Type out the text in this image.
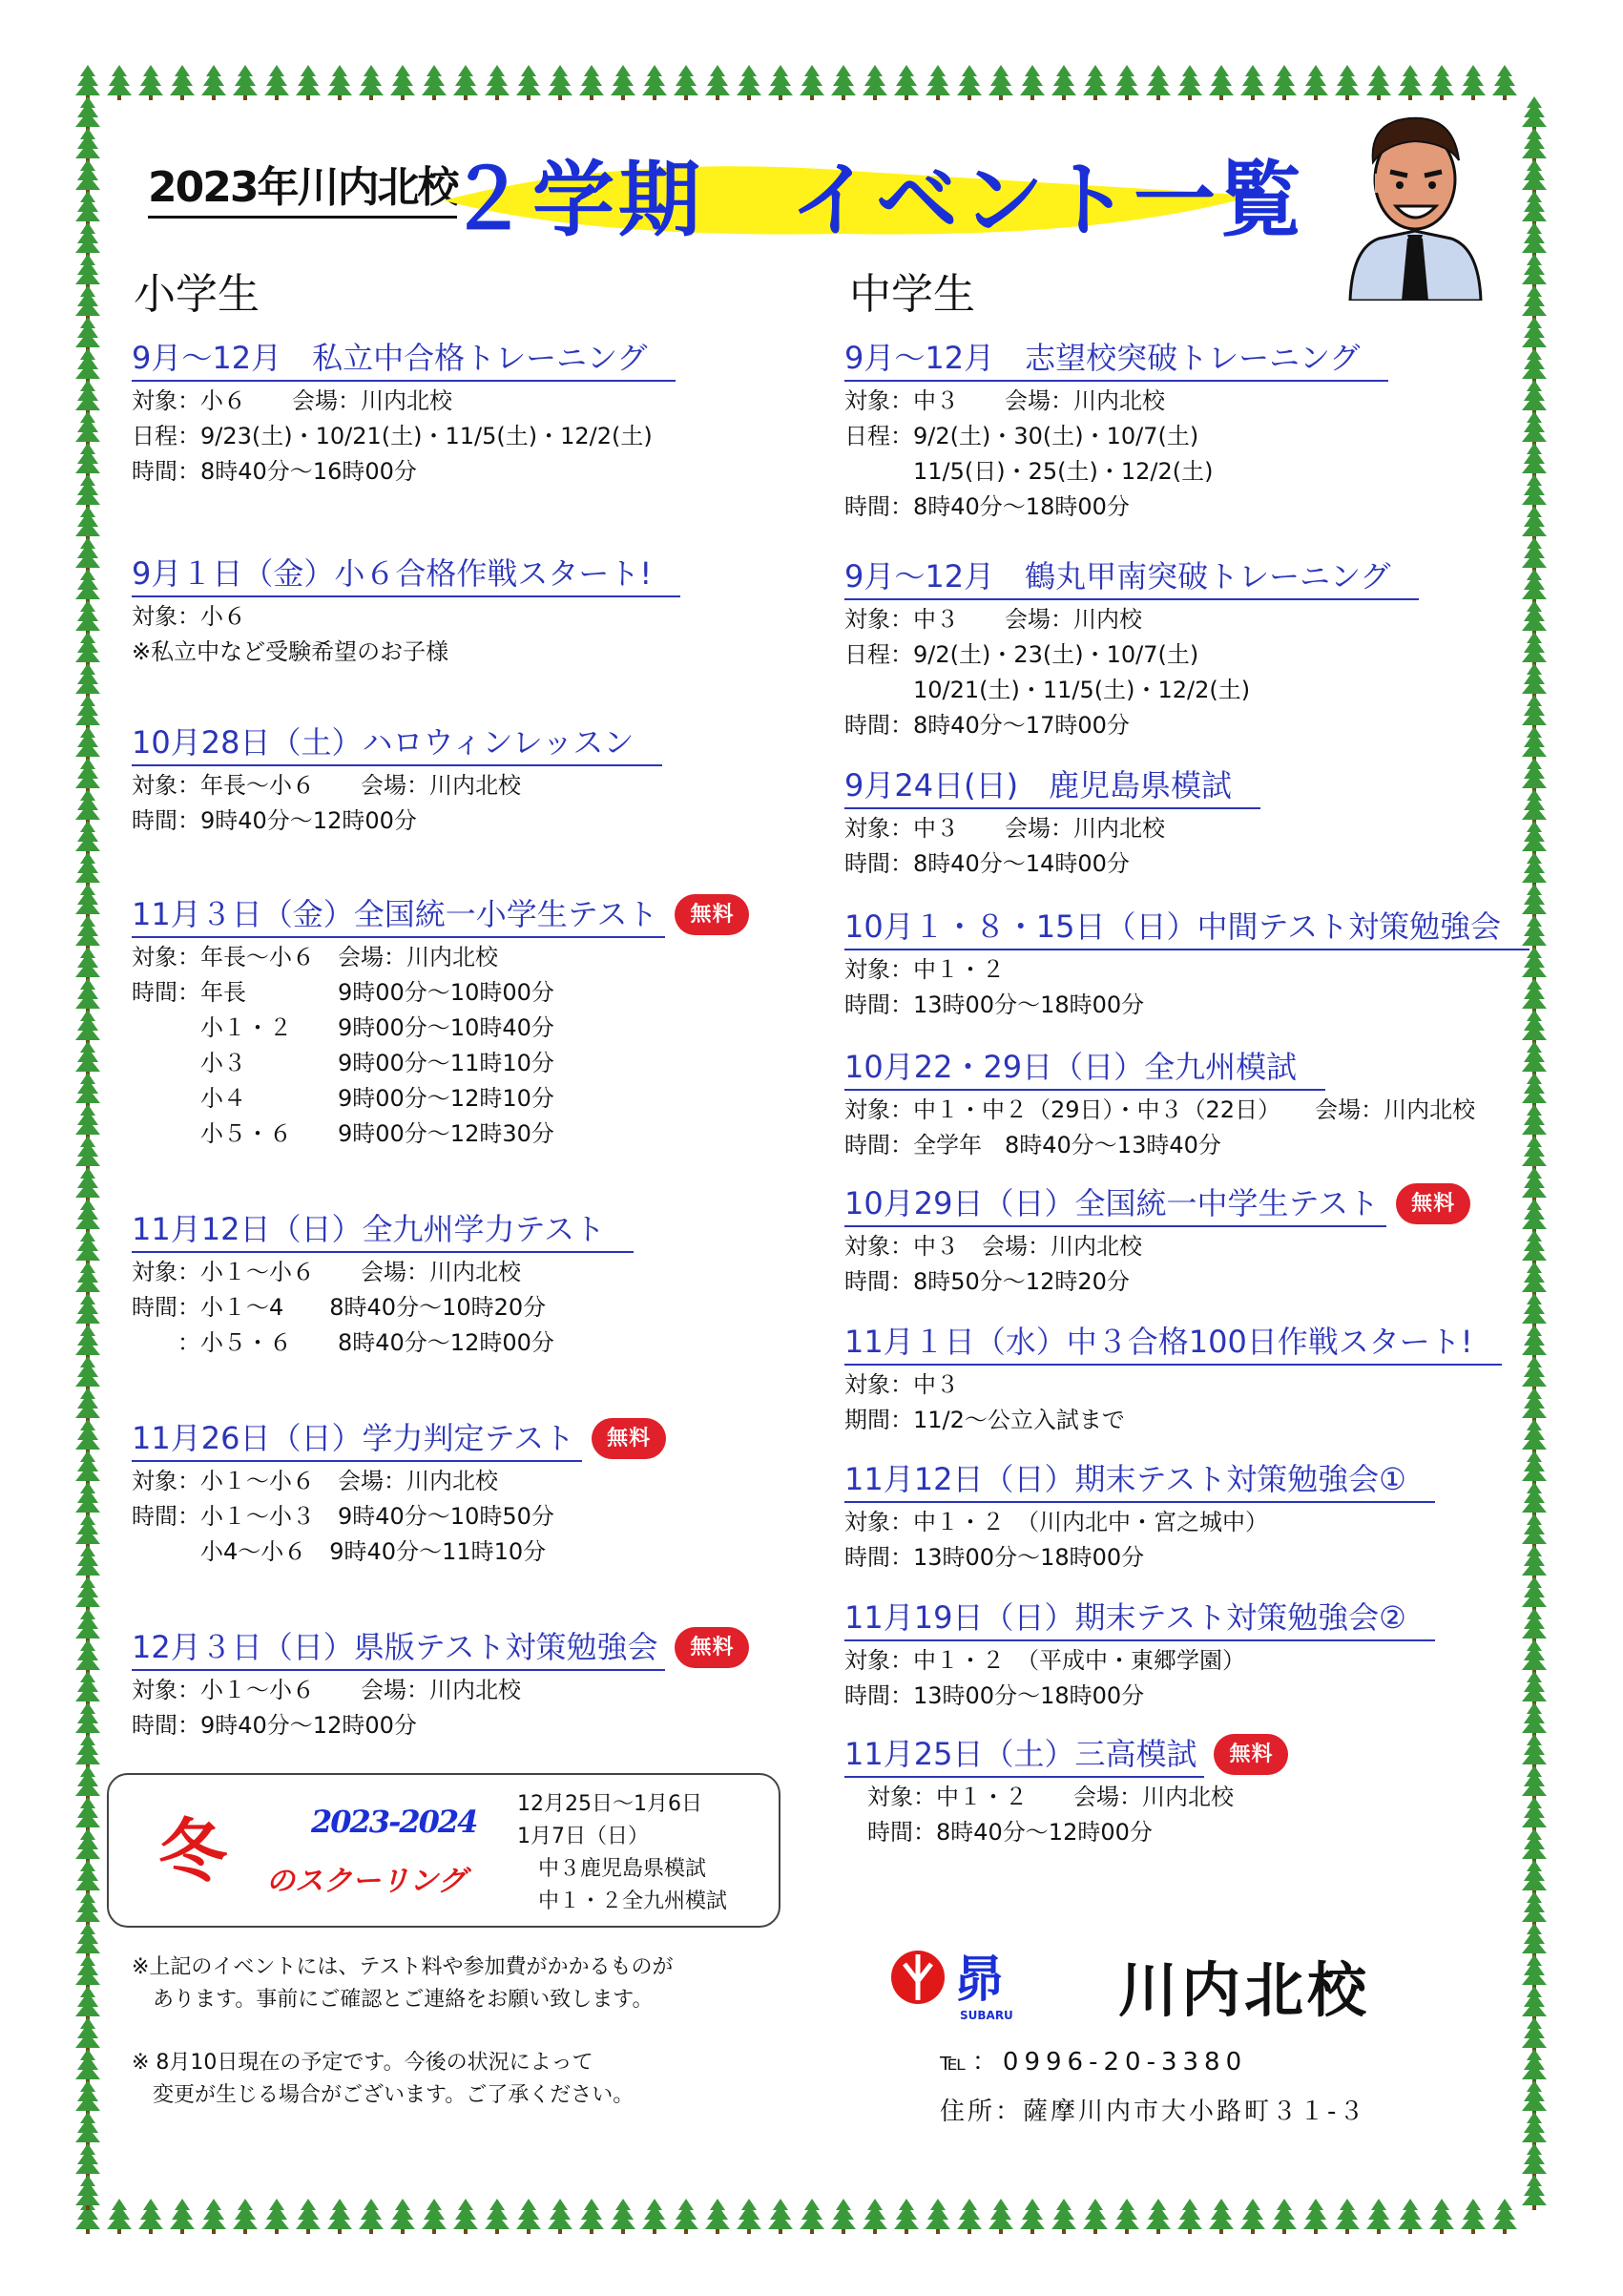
2023年川内北校
２学期　イベント一覧
小学生	中学生
9月～12月　私立中合格トレーニング
対象：小６　　会場：川内北校
日程：9/23(土)・10/21(土)・11/5(土)・12/2(土)
時間：8時40分～16時00分
9月１日（金）小６合格作戦スタート!
対象：小６
※私立中など受験希望のお子様
10月28日（土）ハロウィンレッスン
対象：年長～小６　　会場：川内北校
時間：9時40分～12時00分
11月３日（金）全国統一小学生テスト 無料
対象：年長～小６　会場：川内北校
時間：年長　　　　9時00分～10時00分
　　　小１・２　　9時00分～10時40分
　　　小３　　　　9時00分～11時10分
　　　小４　　　　9時00分～12時10分
　　　小５・６　　9時00分～12時30分
11月12日（日）全九州学力テスト
対象：小１～小６　　会場：川内北校
時間：小１～4　　8時40分～10時20分
　　：小５・６　　8時40分～12時00分
11月26日（日）学力判定テスト 無料
対象：小１～小６　会場：川内北校
時間：小１～小３　9時40分～10時50分
　　　小4～小６　9時40分～11時10分
12月３日（日）県版テスト対策勉強会 無料
対象：小１～小６　　会場：川内北校
時間：9時40分～12時00分
9月～12月　志望校突破トレーニング
対象：中３　　会場：川内北校
日程：9/2(土)・30(土)・10/7(土)
　　　11/5(日)・25(土)・12/2(土)
時間：8時40分～18時00分
9月～12月　鶴丸甲南突破トレーニング
対象：中３　　会場：川内校
日程：9/2(土)・23(土)・10/7(土)
　　　10/21(土)・11/5(土)・12/2(土)
時間：8時40分～17時00分
9月24日(日)　鹿児島県模試
対象：中３　　会場：川内北校
時間：8時40分～14時00分
10月１・８・15日（日）中間テスト対策勉強会
対象：中１・２
時間：13時00分～18時00分
10月22・29日（日）全九州模試
対象：中１・中２（29日）・中３（22日）　　会場：川内北校
時間：全学年　8時40分～13時40分
10月29日（日）全国統一中学生テスト 無料
対象：中３　会場：川内北校
時間：8時50分～12時20分
11月１日（水）中３合格100日作戦スタート!
対象：中３
期間：11/2～公立入試まで
11月12日（日）期末テスト対策勉強会①
対象：中１・２　（川内北中・宮之城中）
時間：13時00分～18時00分
11月19日（日）期末テスト対策勉強会②
対象：中１・２　（平成中・東郷学園）
時間：13時00分～18時00分
11月25日（土）三高模試 無料
　対象：中１・２　　会場：川内北校
　時間：8時40分～12時00分
冬	2023-2024
のスクーリング
12月25日～1月6日
1月7日（日）
　中３鹿児島県模試
　中１・２全九州模試
※上記のイベントには、テスト料や参加費がかかるものが
　あります。事前にご確認とご連絡をお願い致します。
※ 8月10日現在の予定です。今後の状況によって
　変更が生じる場合がございます。ご了承ください。
昴
SUBARU 川内北校
℡：0996-20-3380
住所：薩摩川内市大小路町３１-３
